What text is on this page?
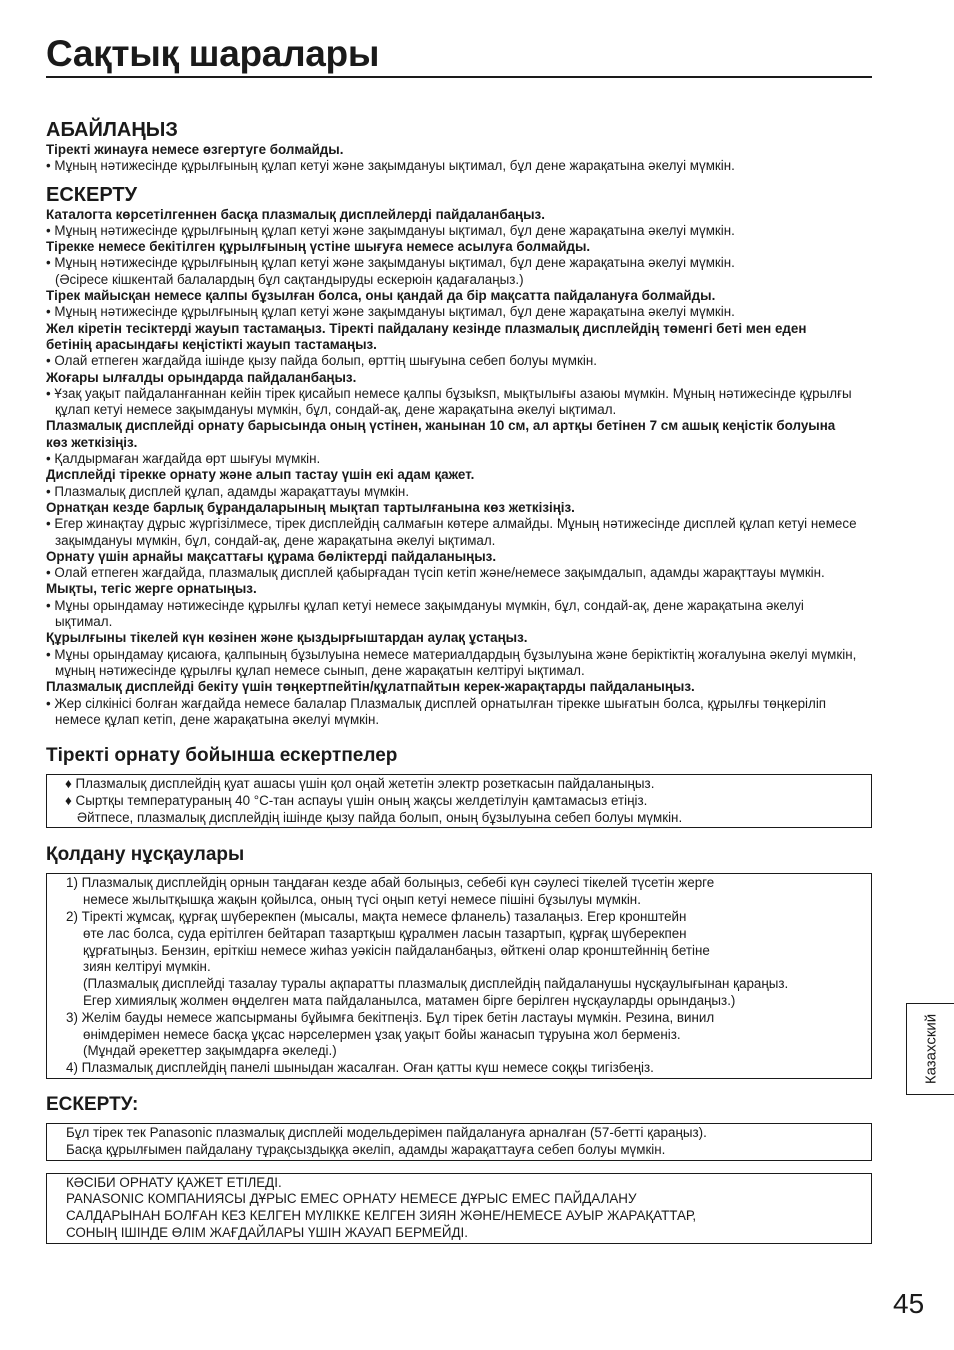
Сақтық шаралары
АБАЙЛАҢЫЗ
Тіректі жинауға немесе өзгертуге болмайды.
• Мұның нәтижесінде құрылғының құлап кетуі және зақымдануы ықтимал, бұл дене жарақатына әкелуі мүмкін.
ЕСКЕРТУ
Каталогта көрсетілгеннен басқа плазмалық дисплейлерді пайдаланбаңыз.
• Мұның нәтижесінде құрылғының құлап кетуі және зақымдануы ықтимал, бұл дене жарақатына әкелуі мүмкін.
Тірекке немесе бекітілген құрылғының үстіне шығуға немесе асылуға болмайды.
• Мұның нәтижесінде құрылғының құлап кетуі және зақымдануы ықтимал, бұл дене жарақатына әкелуі мүмкін.
(Әсіресе кішкентай балалардың бұл сақтандыруды ескерюін қадағалаңыз.)
Тірек майысқан немесе қалпы бұзылған болса, оны қандай да бір мақсатта пайдалануға болмайды.
• Мұның нәтижесінде құрылғының құлап кетуі және зақымдануы ықтимал, бұл дене жарақатына әкелуі мүмкін.
Жел кіретін тесіктерді жауып тастамаңыз. Тіректі пайдалану кезінде плазмалық дисплейдің төменгі беті мен еден бетінің арасындағы кеңістікті жауып тастамаңыз.
• Олай етпеген жағдайда ішінде қызу пайда болып, өрттің шығуына себеп болуы мүмкін.
Жоғары ылғалды орындарда пайдаланбаңыз.
• Ұзақ уақыт пайдаланғаннан кейін тірек қисайып немесе қалпы бұзыksп, мықтылығы азаюы мүмкін. Мұның нәтижесінде құрылғы құлап кетуі немесе зақымдануы мүмкін, бұл, сондай-ақ, дене жарақатына әкелуі ықтимал.
Плазмалық дисплейді орнату барысында оның үстінен, жанынан 10 см, ал артқы бетінен 7 см ашық кеңістік болуына көз жеткізіңіз.
• Қалдырмаған жағдайда өрт шығуы мүмкін.
Дисплейді тірекке орнату және алып тастау үшін екі адам қажет.
• Плазмалық дисплей құлап, адамды жарақаттауы мүмкін.
Орнатқан кезде барлық бұрандаларының мықтап тартылғанына көз жеткізіңіз.
• Егер жинақтау дұрыс жүргізілмесе, тірек дисплейдің салмағын көтере алмайды. Мұның нәтижесінде дисплей құлап кетуі немесе зақымдануы мүмкін, бұл, сондай-ақ, дене жарақатына әкелуі ықтимал.
Орнату үшін арнайы мақсаттағы құрама бөліктерді пайдаланыңыз.
• Олай етпеген жағдайда, плазмалық дисплей қабырғадан түсіп кетіп және/немесе зақымдалып, адамды жарақттауы мүмкін.
Мықты, тегіс жерге орнатыңыз.
• Мұны орындамау нәтижесінде құрылғы құлап кетуі немесе зақымдануы мүмкін, бұл, сондай-ақ, дене жарақатына әкелуі ықтимал.
Құрылғыны тікелей күн көзінен және қыздырғыштардан аулақ ұстаңыз.
• Мұны орындамау қисаюға, қалпының бұзылуына немесе материалдардың бұзылуына және беріктіктің жоғалуына әкелуі мүмкін, мұның нәтижесінде құрылғы құлап немесе сынып, дене жарақатын келтіруі ықтимал.
Плазмалық дисплейді бекіту үшін төңкертпейтін/құлатпайтын керек-жарақтарды пайдаланыңыз.
• Жер сілкінісі болған жағдайда немесе балалар Плазмалық дисплей орнатылған тірекке шығатын болса, құрылғы төңкеріліп немесе құлап кетіп, дене жарақатына әкелуі мүмкін.
Тіректі орнату бойынша ескертпелер
♦ Плазмалық дисплейдің қуат ашасы үшін қол оңай жететін электр розеткасын пайдаланыңыз.
♦ Сыртқы температураның 40 °C-тан аспауы үшін оның жақсы желдетілуін қамтамасыз етіңіз.
Әйтпесе, плазмалық дисплейдің ішінде қызу пайда болып, оның бұзылуына себеп болуы мүмкін.
Қолдану нұсқаулары
1) Плазмалық дисплейдің орнын таңдаған кезде абай болыңыз, себебі күн сәулесі тікелей түсетін жерге
немесе жылытқышқа жақын қойылса, оның түсі оңып кетуі немесе пішіні бұзылуы мүмкін.
2) Тіректі жұмсақ, құрғақ шүберекпен (мысалы, мақта немесе фланель) тазалаңыз. Егер кронштейн
өте лас болса, суда ерітілген бейтарап тазартқыш құралмен ласын тазартып, құрғақ шүберекпен
құрғатыңыз. Бензин, еріткіш немесе жиһаз уәкісін пайдаланбаңыз, өйткені олар кронштейннің бетіне
зиян келтіруі мүмкін.
(Плазмалық дисплейді тазалау туралы ақпаратты плазмалық дисплейдің пайдаланушы нұсқаулығынан қараңыз.
Егер химиялық жолмен өңделген мата пайдаланылса, матамен бірге берілген нұсқауларды орындаңыз.)
3) Желім бауды немесе жапсырманы бұйымға бекітпеңіз. Бұл тірек бетін ластауы мүмкін. Резина, винил
өнімдерімен немесе басқа ұқсас нәрселермен ұзақ уақыт бойы жанасып тұруына жол берменіз.
(Мұндай әрекеттер зақымдарға әкеледі.)
4) Плазмалық дисплейдің панелі шыныдан жасалған. Оған қатты күш немесе соққы тигізбеңіз.
ЕСКЕРТУ:
Бұл тірек тек Panasonic плазмалық дисплейі модельдерімен пайдалануға арналған (57-бетті қараңыз).
Басқа құрылғымен пайдалану тұрақсыздыққа әкеліп, адамды жарақаттауға себеп болуы мүмкін.
КӘСІБИ ОРНАТУ ҚАЖЕТ ЕТІЛЕДІ.
PANASONIC КОМПАНИЯСЫ ДҰРЫС ЕМЕС ОРНАТУ НЕМЕСЕ ДҰРЫС ЕМЕС ПАЙДАЛАНУ
САЛДАРЫНАН БОЛҒАН КЕЗ КЕЛГЕН МҮЛІККЕ КЕЛГЕН ЗИЯН ЖӘНЕ/НЕМЕСЕ АУЫР ЖАРАҚАТТАР,
СОНЫҢ ІШІНДЕ ӨЛІМ ЖАҒДАЙЛАРЫ ҮШІН ЖАУАП БЕРМЕЙДІ.
Казахский
45
